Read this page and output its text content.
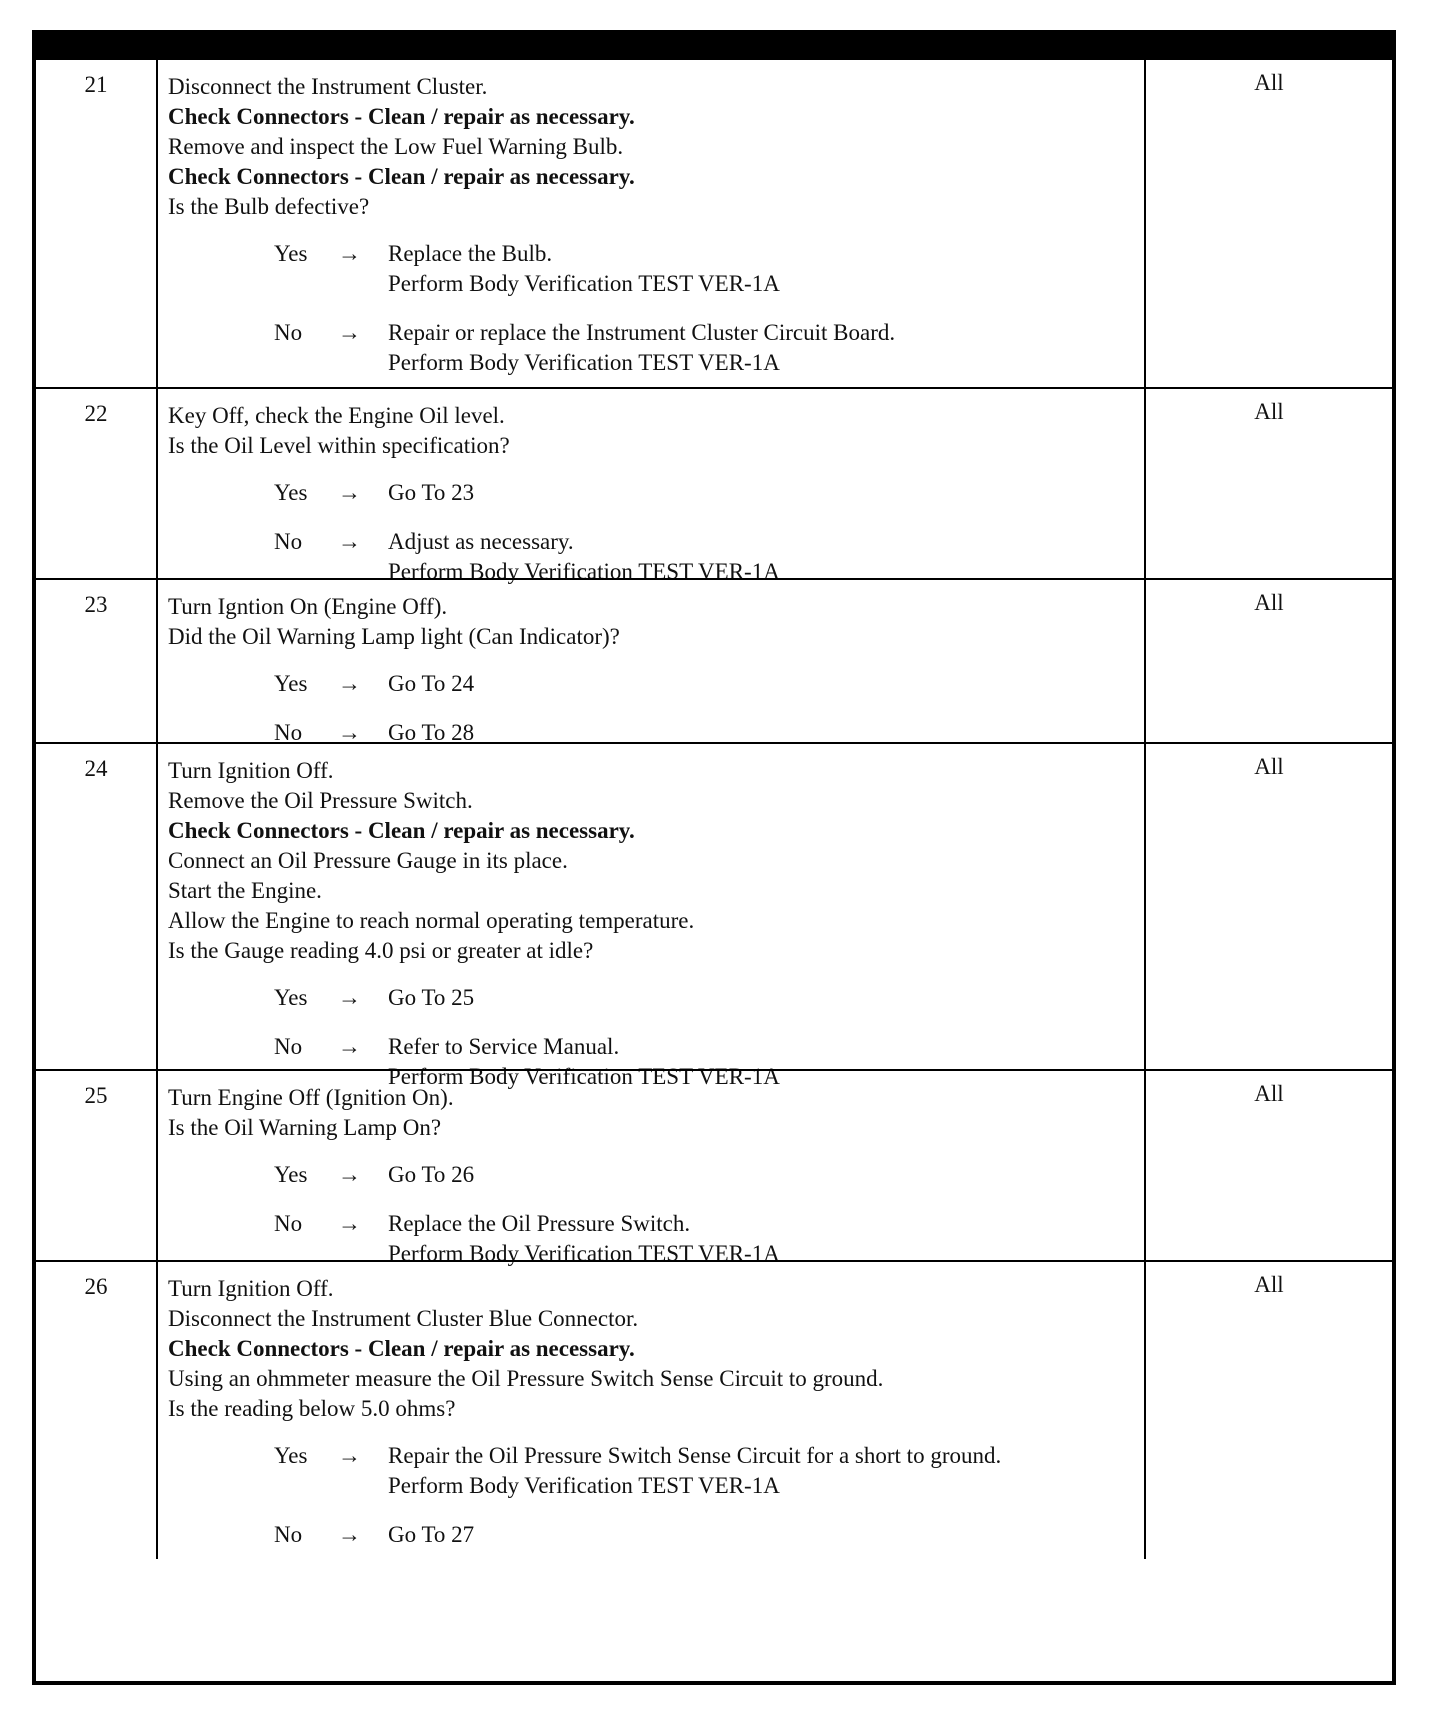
21	Disconnect the Instrument Cluster.
Check Connectors - Clean / repair as necessary.
Remove and inspect the Low Fuel Warning Bulb.
Check Connectors - Clean / repair as necessary.
Is the Bulb defective?
Yes	→	Replace the Bulb.
Perform Body Verification TEST VER-1A
No	→	Repair or replace the Instrument Cluster Circuit Board.
Perform Body Verification TEST VER-1A
All
22	Key Off, check the Engine Oil level.
Is the Oil Level within specification?
Yes	→	Go To 23
No	→	Adjust as necessary.
Perform Body Verification TEST VER-1A
All
23	Turn Igntion On (Engine Off).
Did the Oil Warning Lamp light (Can Indicator)?
Yes	→	Go To 24
No	→	Go To 28
All
24	Turn Ignition Off.
Remove the Oil Pressure Switch.
Check Connectors - Clean / repair as necessary.
Connect an Oil Pressure Gauge in its place.
Start the Engine.
Allow the Engine to reach normal operating temperature.
Is the Gauge reading 4.0 psi or greater at idle?
Yes	→	Go To 25
No	→	Refer to Service Manual.
Perform Body Verification TEST VER-1A
All
25	Turn Engine Off (Ignition On).
Is the Oil Warning Lamp On?
Yes	→	Go To 26
No	→	Replace the Oil Pressure Switch.
Perform Body Verification TEST VER-1A
All
26	Turn Ignition Off.
Disconnect the Instrument Cluster Blue Connector.
Check Connectors - Clean / repair as necessary.
Using an ohmmeter measure the Oil Pressure Switch Sense Circuit to ground.
Is the reading below 5.0 ohms?
Yes	→	Repair the Oil Pressure Switch Sense Circuit for a short to ground.
Perform Body Verification TEST VER-1A
No	→	Go To 27
All
